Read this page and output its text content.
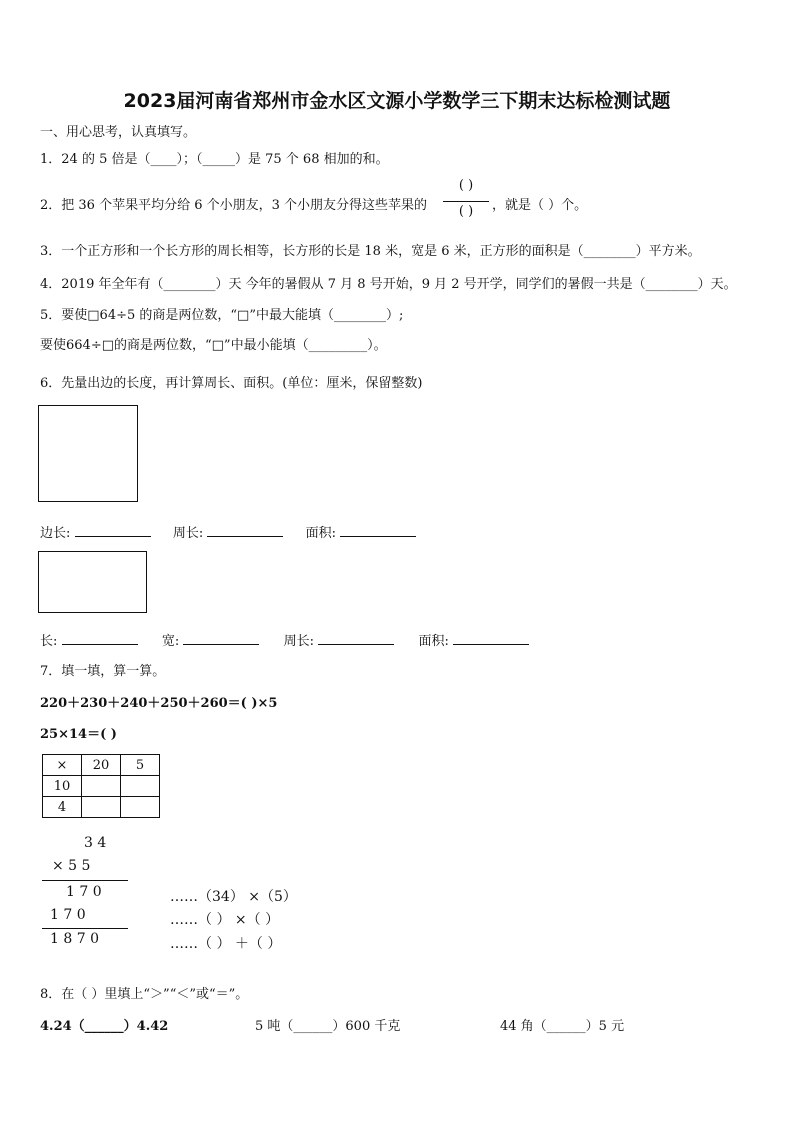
2023届河南省郑州市金水区文源小学数学三下期末达标检测试题
一、用心思考，认真填写。
1．24 的 5 倍是（____）；（_____）是 75 个 68 相加的和。
2．把 36 个苹果平均分给 6 个小朋友，3 个小朋友分得这些苹果的
( )
( )	，就是（ ）个。
3．一个正方形和一个长方形的周长相等，长方形的长是 18 米，宽是 6 米，正方形的面积是（________）平方米。
4．2019 年全年有（________）天 今年的暑假从 7 月 8 号开始，9 月 2 号开学，同学们的暑假一共是（________）天。
5．要使□64÷5 的商是两位数，“□”中最大能填（________）;
要使664÷□的商是两位数，“□”中最小能填（_________）。
6．先量出边的长度，再计算周长、面积。(单位：厘米，保留整数)
边长:	周长:	面积:
长:	宽:	周长:	面积:
7．填一填，算一算。
220＋230＋240＋250＋260＝( )×5
25×14＝( )
×	20	5
10		
4		
3 4
× 5 5
1 7 0	……（34） ×（5）
1 7 0	……（ ） ×（ ）
1 8 7 0	……（ ） ＋（ ）
8．在（ ）里填上“＞”“＜”或“＝”。
4.24（______）4.42	5 吨（______）600 千克	44 角（______）5 元
